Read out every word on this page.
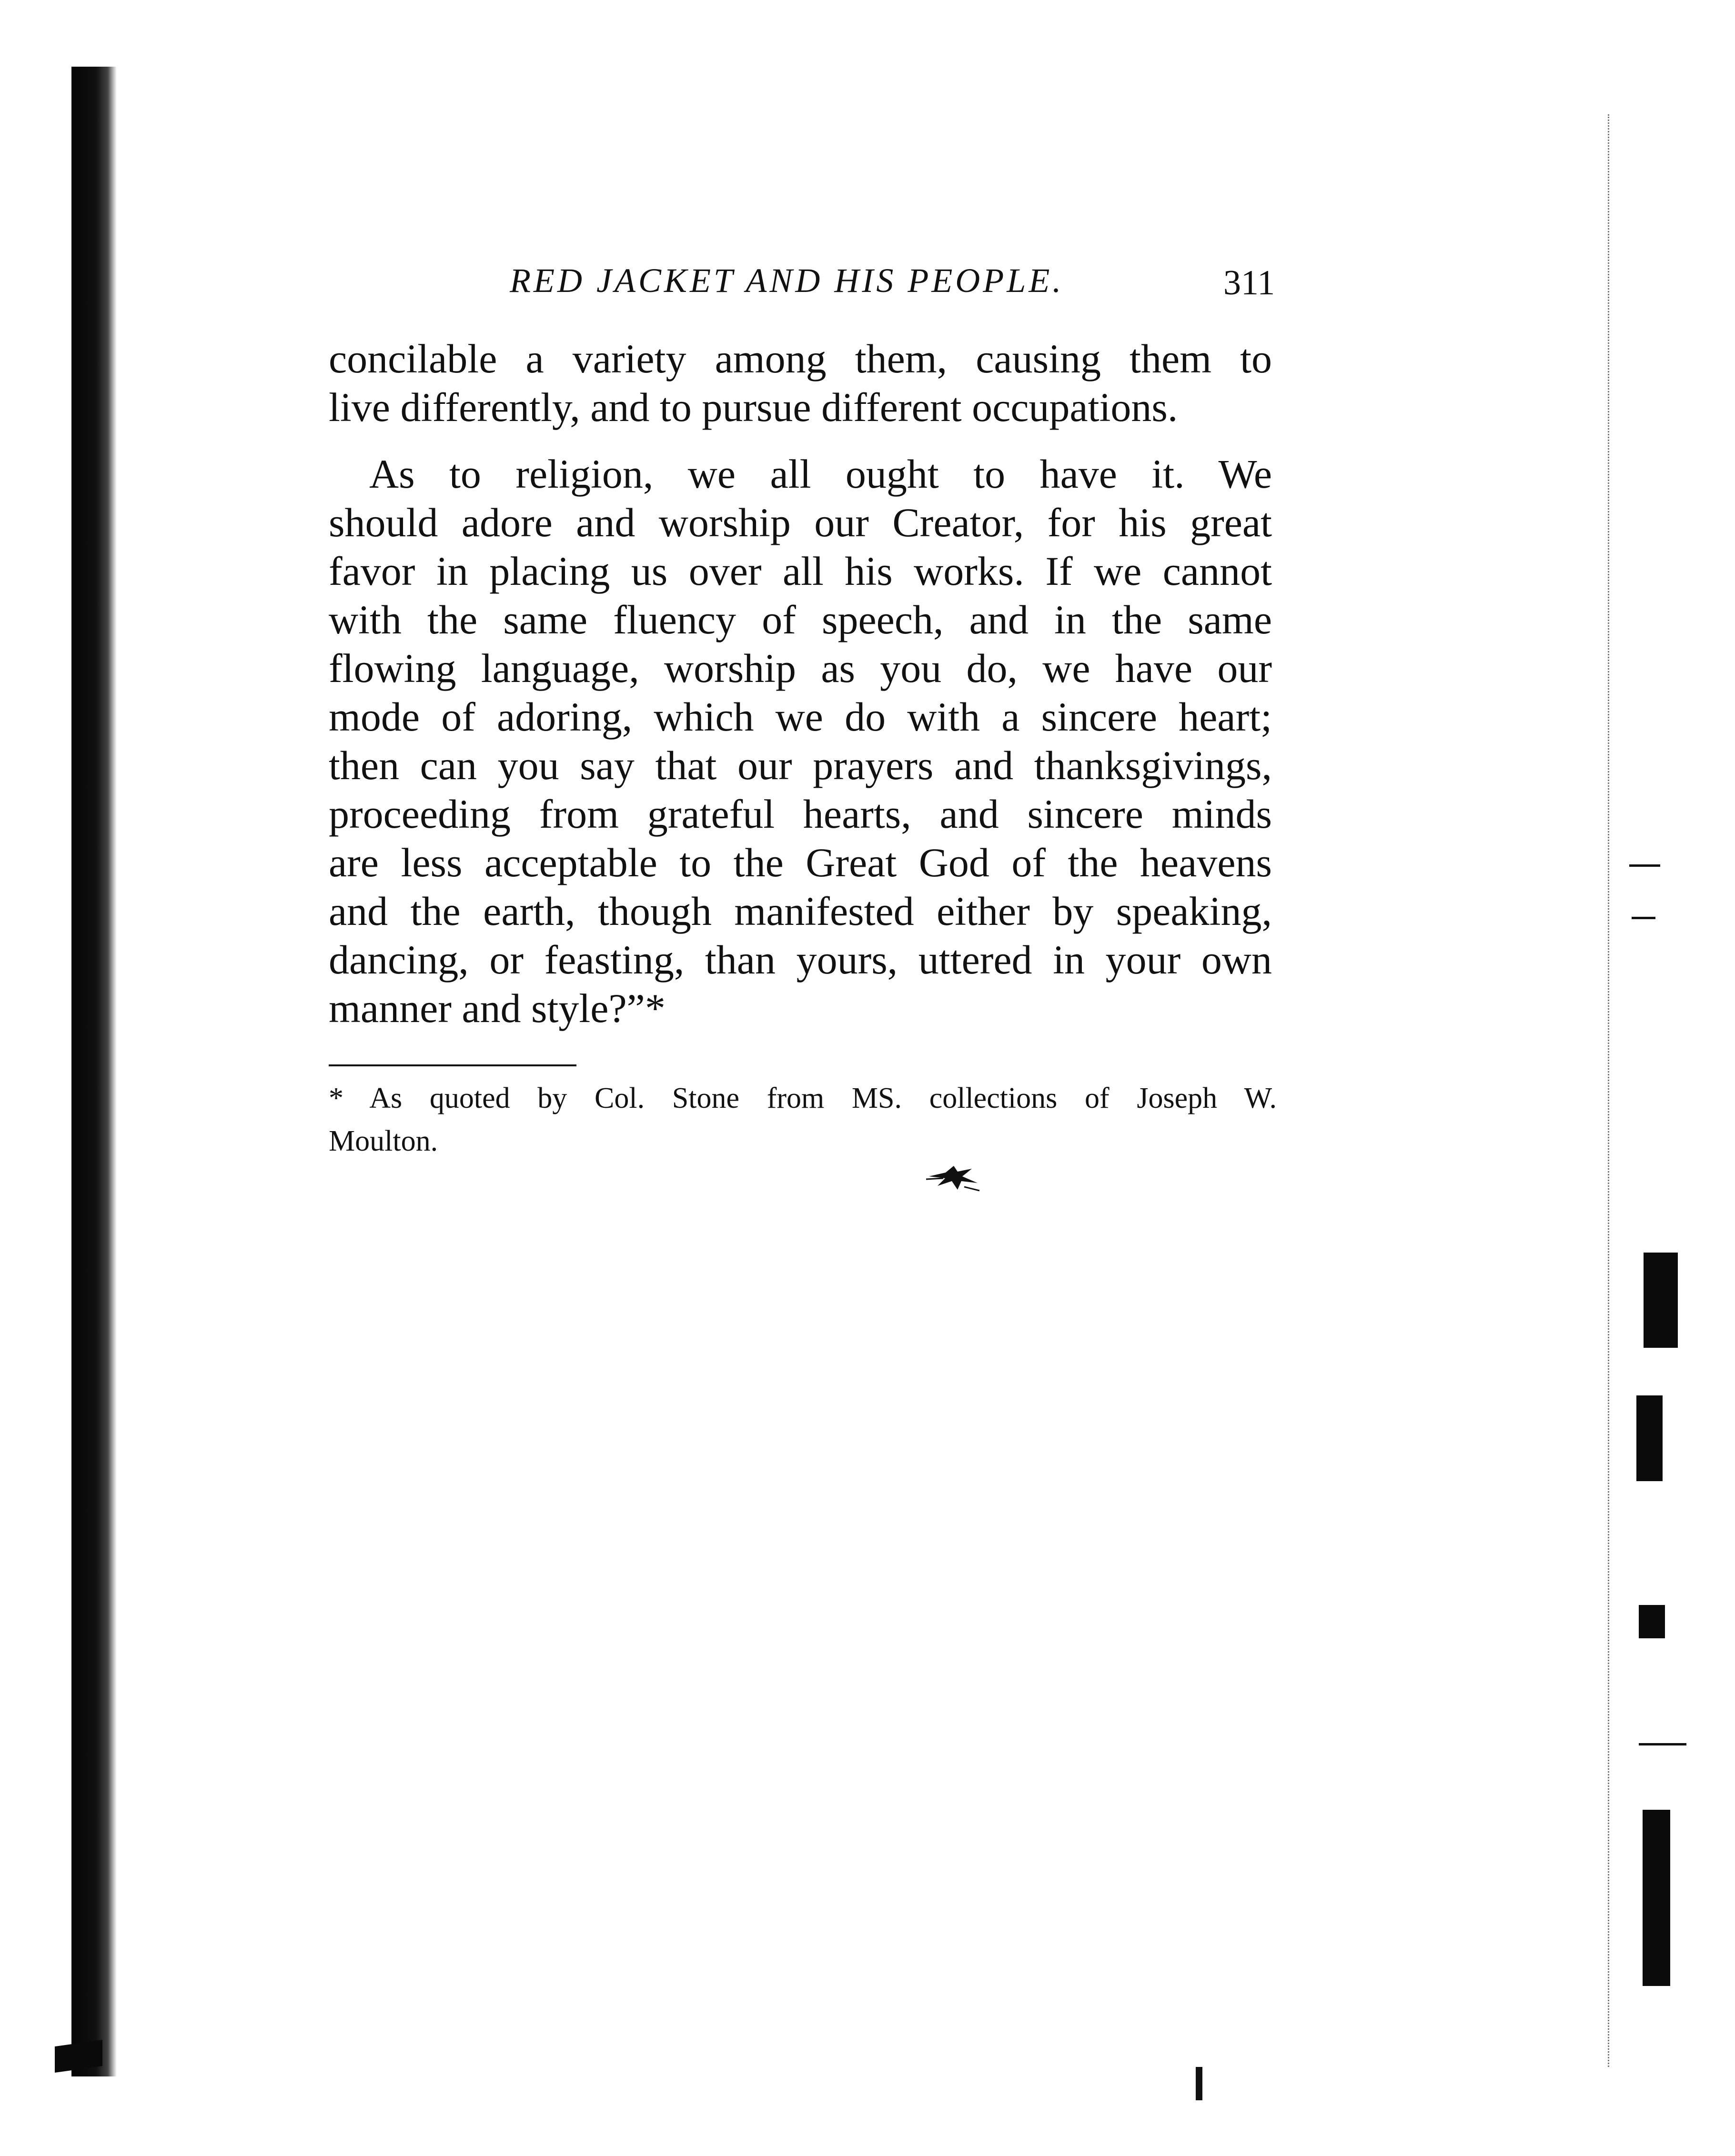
RED JACKET AND HIS PEOPLE.	311
concilable a variety among them, causing them to
live differently, and to pursue different occupations.
As to religion, we all ought to have it. We
should adore and worship our Creator, for his great
favor in placing us over all his works. If we cannot
with the same fluency of speech, and in the same
flowing language, worship as you do, we have our
mode of adoring, which we do with a sincere heart;
then can you say that our prayers and thanksgivings,
proceeding from grateful hearts, and sincere minds
are less acceptable to the Great God of the heavens
and the earth, though manifested either by speaking,
dancing, or feasting, than yours, uttered in your own
manner and style?”*
* As quoted by Col. Stone from MS. collections of Joseph W.
Moulton.
